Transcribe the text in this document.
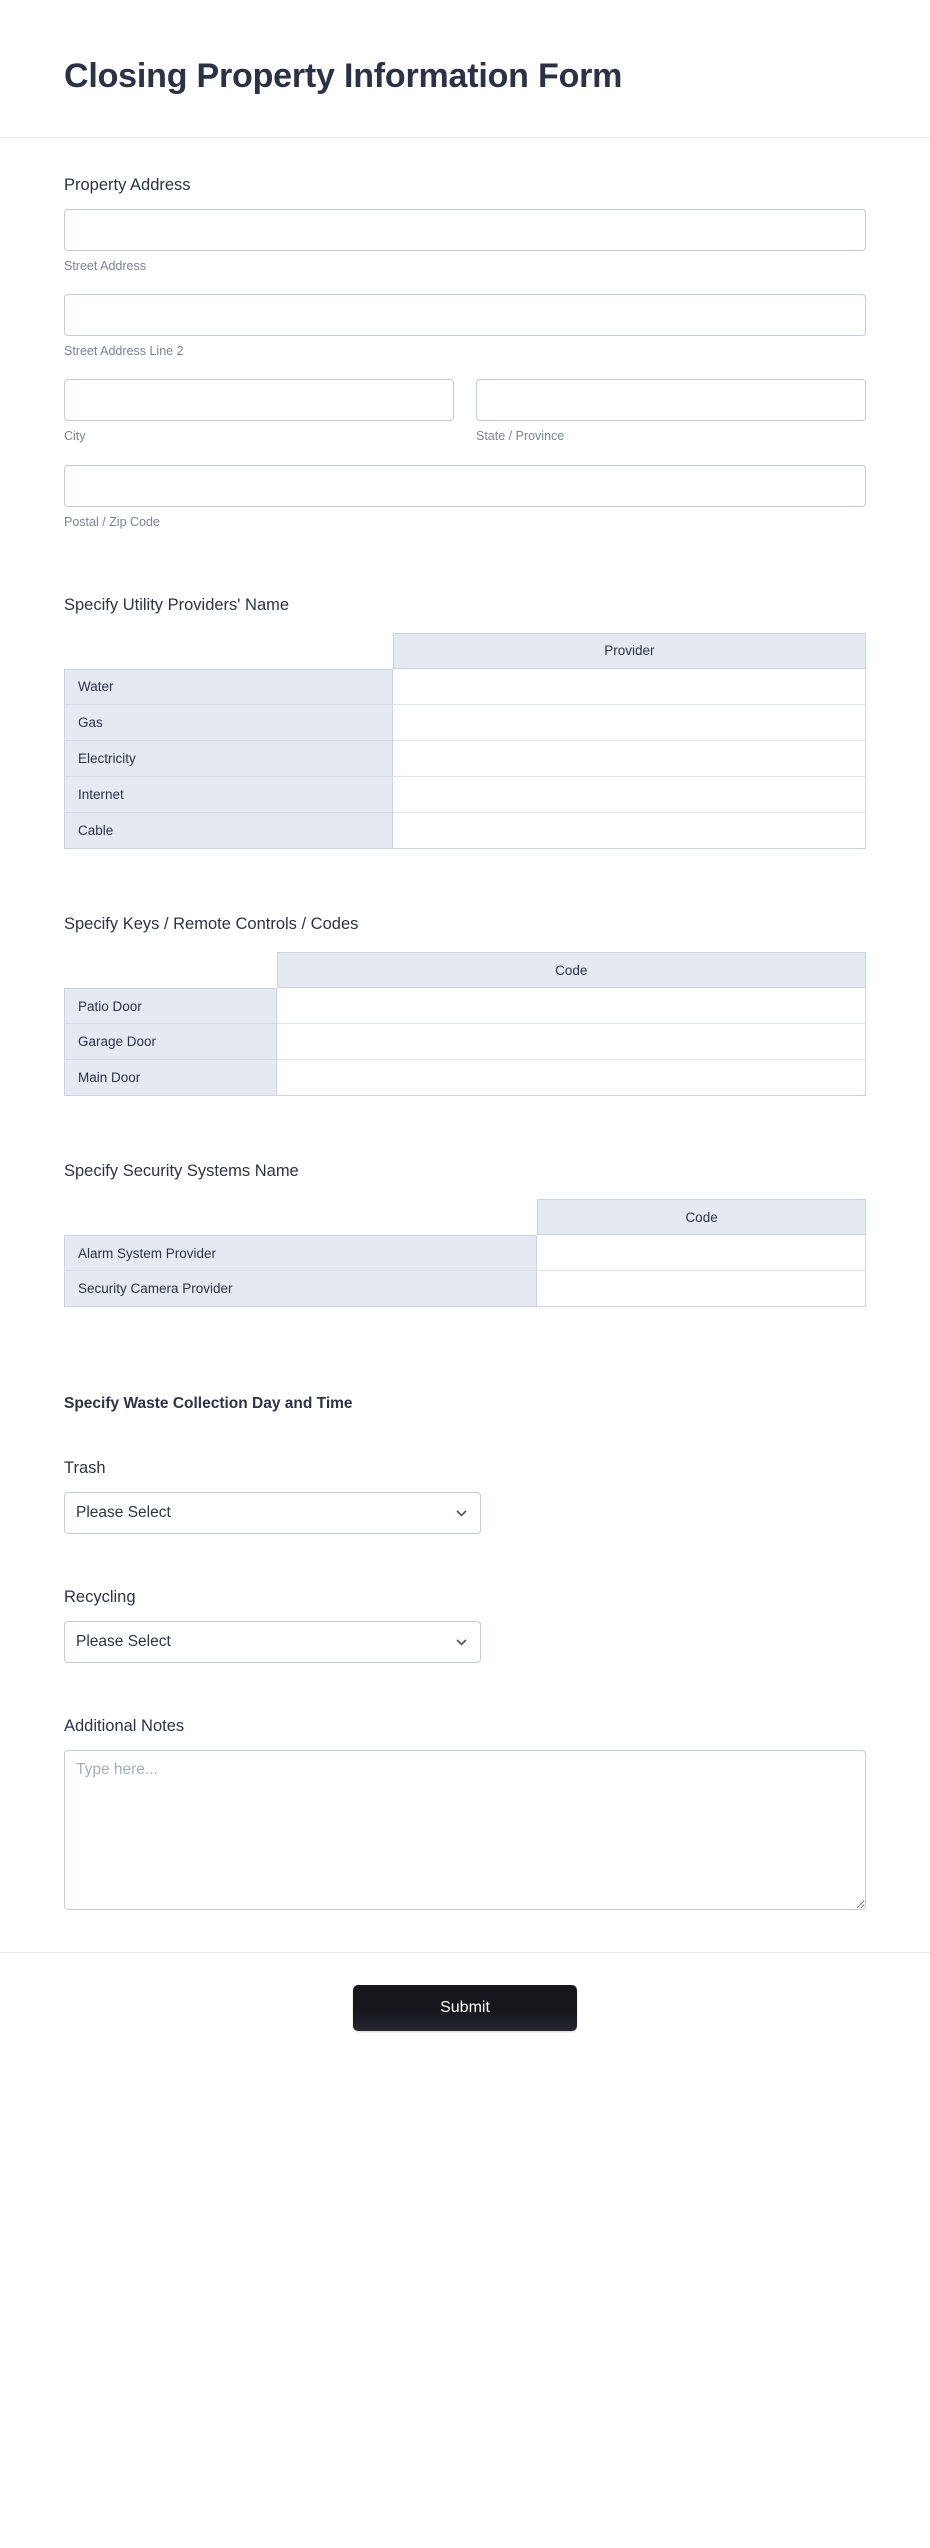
Closing Property Information Form
Property Address
Street Address
Street Address Line 2
City	State / Province
Postal / Zip Code
Specify Utility Providers' Name
	Provider
Water	
Gas	
Electricity	
Internet	
Cable	
Specify Keys / Remote Controls / Codes
	Code
Patio Door	
Garage Door	
Main Door	
Specify Security Systems Name
	Code
Alarm System Provider	
Security Camera Provider	
Specify Waste Collection Day and Time
Trash
Please Select
Recycling
Please Select
Additional Notes
Type here...
Submit
